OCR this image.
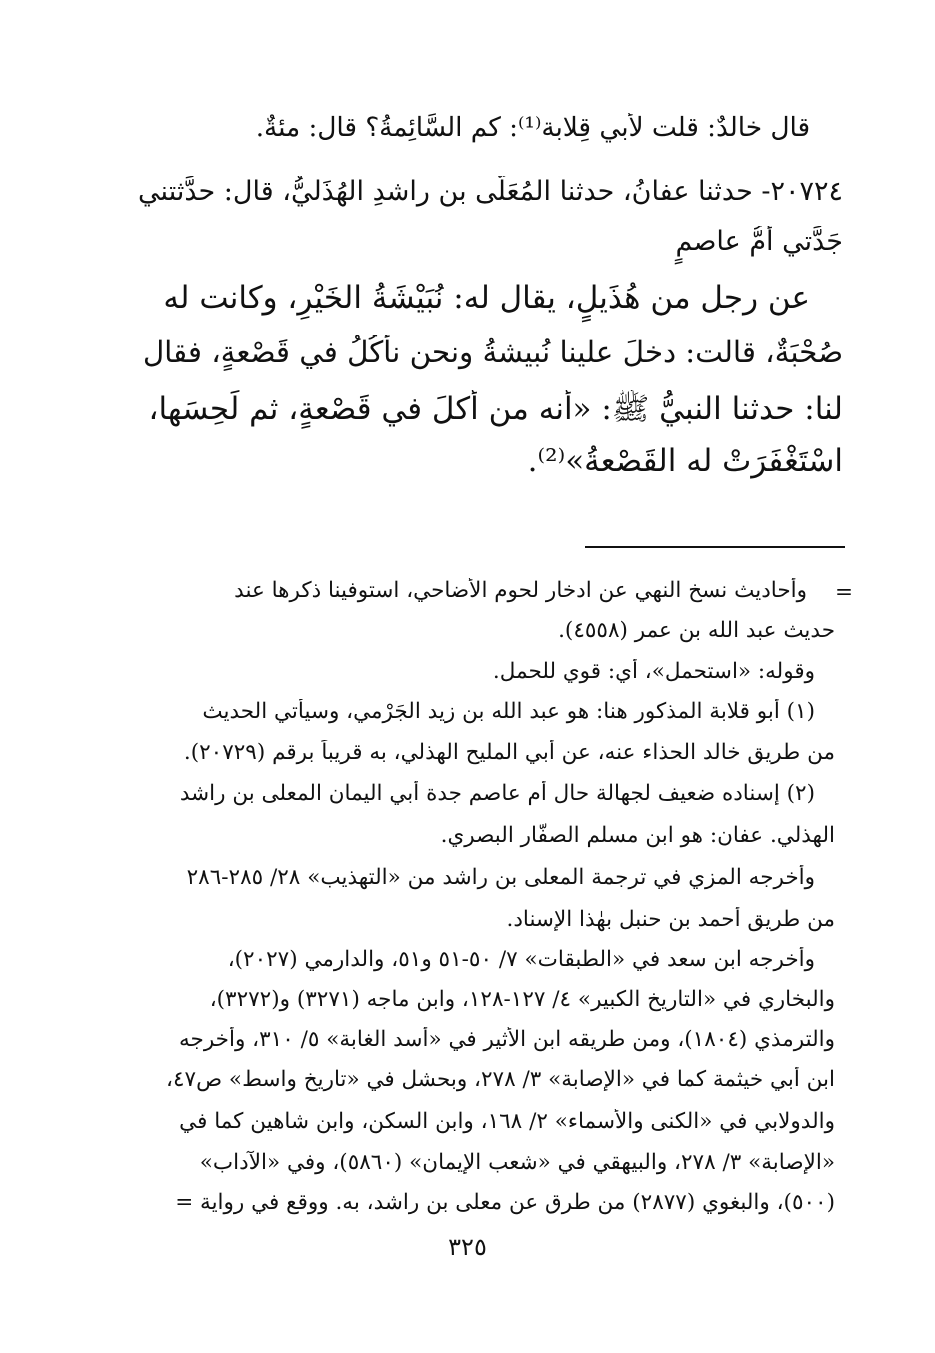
قال خالدٌ: قلت لأبي قِلابة⁽¹⁾: كم السَّائِمةُ؟ قال: مئةٌ.
٢٠٧٢٤- حدثنا عفانُ، حدثنا المُعَلَّى بن راشدِ الهُذَليُّ، قال: حدَّثتني
جَدَّتي أُمُّ عاصمٍ
عن رجل من هُذَيلٍ، يقال له: نُبَيْشَةُ الخَيْرِ، وكانت له
صُحْبَةٌ، قالت: دخلَ علينا نُبيشةُ ونحن نأكُلُ في قَصْعةٍ، فقال
لنا: حدثنا النبيُّ ﷺ: «أنه من أكلَ في قَصْعةٍ، ثم لَحِسَها،
اسْتَغْفَرَتْ له القَصْعةُ»⁽²⁾.
=
وأحاديث نسخ النهي عن ادخار لحوم الأضاحي، استوفينا ذكرها عند
حديث عبد الله بن عمر (٤٥٥٨).
وقوله: «استحمل»، أي: قوي للحمل.
(١) أبو قلابة المذكور هنا: هو عبد الله بن زيد الجَرْمي، وسيأتي الحديث
من طريق خالد الحذاء عنه، عن أبي المليح الهذلي، به قريباً برقم (٢٠٧٢٩).
(٢) إسناده ضعيف لجهالة حال أم عاصم جدة أبي اليمان المعلى بن راشد
الهذلي. عفان: هو ابن مسلم الصفَّار البصري.
وأخرجه المزي في ترجمة المعلى بن راشد من «التهذيب» ٢٨/ ٢٨٥-٢٨٦
من طريق أحمد بن حنبل بهٰذا الإسناد.
وأخرجه ابن سعد في «الطبقات» ٧/ ٥٠-٥١ و٥١، والدارمي (٢٠٢٧)،
والبخاري في «التاريخ الكبير» ٤/ ١٢٧-١٢٨، وابن ماجه (٣٢٧١) و(٣٢٧٢)،
والترمذي (١٨٠٤)، ومن طريقه ابن الأثير في «أسد الغابة» ٥/ ٣١٠، وأخرجه
ابن أبي خيثمة كما في «الإصابة» ٣/ ٢٧٨، وبحشل في «تاريخ واسط» ص٤٧،
والدولابي في «الكنى والأسماء» ٢/ ١٦٨، وابن السكن، وابن شاهين كما في
«الإصابة» ٣/ ٢٧٨، والبيهقي في «شعب الإيمان» (٥٨٦٠)، وفي «الآداب»
(٥٠٠)، والبغوي (٢٨٧٧) من طرق عن معلى بن راشد، به. ووقع في رواية =
٣٢٥
